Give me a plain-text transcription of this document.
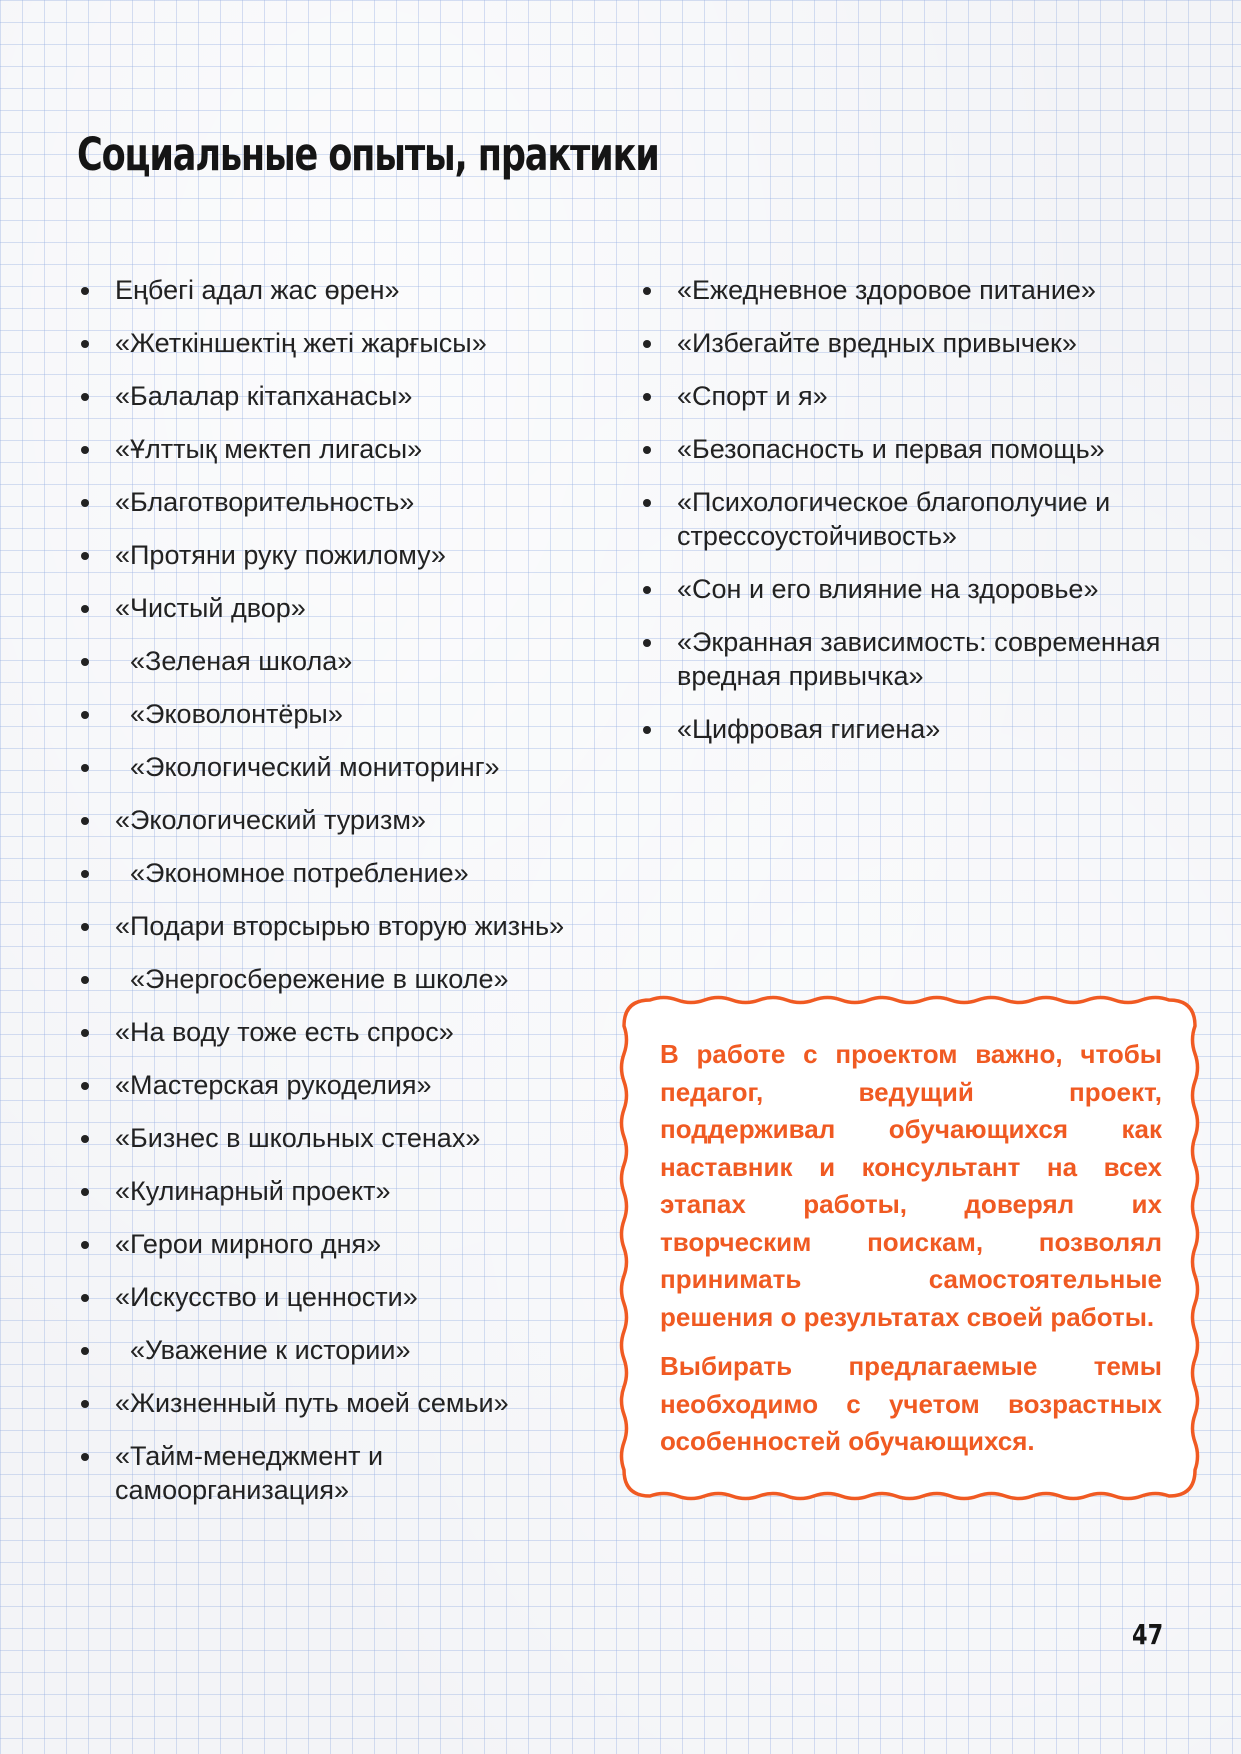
Социальные опыты, практики
Еңбегі адал жас өрен»
«Жеткіншектің жеті жарғысы»
«Балалар кітапханасы»
«Ұлттық мектеп лигасы»
«Благотворительность»
«Протяни руку пожилому»
«Чистый двор»
«Зеленая школа»
«Эковолонтёры»
«Экологический мониторинг»
«Экологический туризм»
«Экономное потребление»
«Подари вторсырью вторую жизнь»
«Энергосбережение в школе»
«На воду тоже есть спрос»
«Мастерская рукоделия»
«Бизнес в школьных стенах»
«Кулинарный проект»
«Герои мирного дня»
«Искусство и ценности»
«Уважение к истории»
«Жизненный путь моей семьи»
«Тайм-менеджмент и самоорганизация»
«Ежедневное здоровое питание»
«Избегайте вредных привычек»
«Спорт и я»
«Безопасность и первая помощь»
«Психологическое благополучие и стрессоустойчивость»
«Сон и его влияние на здоровье»
«Экранная зависимость: современная вредная привычка»
«Цифровая гигиена»

В работе с проектом важно, чтобы педагог, ведущий проект, поддерживал обучающихся как наставник и консультант на всех этапах работы, доверял их творческим поискам, позволял принимать самостоятельные решения о результатах своей работы.

Выбирать предлагаемые темы необходимо с учетом возрастных особенностей обучающихся.

47
